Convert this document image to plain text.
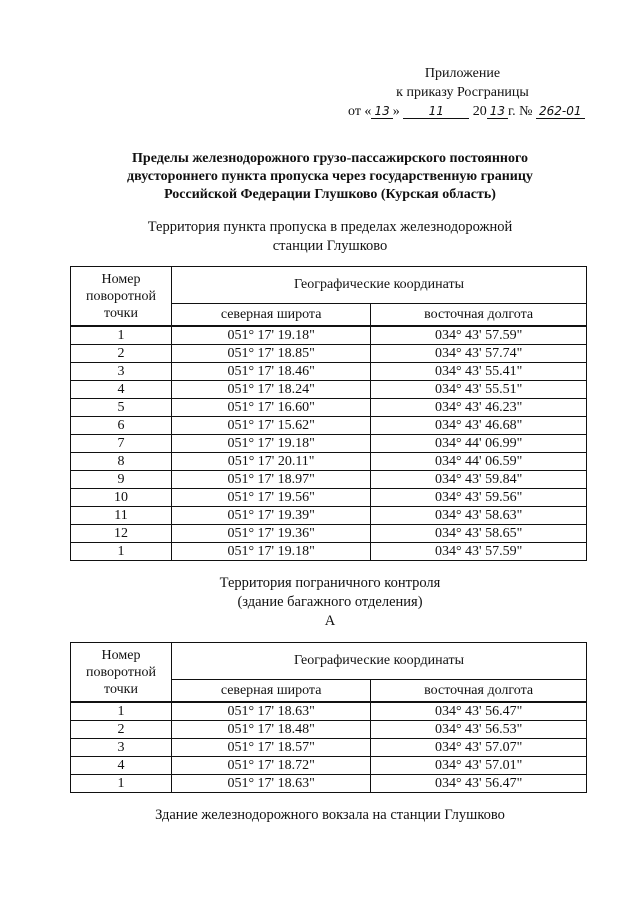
Приложение
к приказу Росграницы
от « 13 » 11 20 13 г. № 262-01
Пределы железнодорожного грузо-пассажирского постоянного
двустороннего пункта пропуска через государственную границу
Российской Федерации Глушково (Курская область)
Территория пункта пропуска в пределах железнодорожной
станции Глушково
Номер
поворотной
точки	Географические координаты	
	северная широта	восточная долгота
1	051° 17' 19.18"	034° 43' 57.59"
2	051° 17' 18.85"	034° 43' 57.74"
3	051° 17' 18.46"	034° 43' 55.41"
4	051° 17' 18.24"	034° 43' 55.51"
5	051° 17' 16.60"	034° 43' 46.23"
6	051° 17' 15.62"	034° 43' 46.68"
7	051° 17' 19.18"	034° 44' 06.99"
8	051° 17' 20.11"	034° 44' 06.59"
9	051° 17' 18.97"	034° 43' 59.84"
10	051° 17' 19.56"	034° 43' 59.56"
11	051° 17' 19.39"	034° 43' 58.63"
12	051° 17' 19.36"	034° 43' 58.65"
1	051° 17' 19.18"	034° 43' 57.59"
Территория пограничного контроля
(здание багажного отделения)
А
Номер
поворотной
точки	Географические координаты	
	северная широта	восточная долгота
1	051° 17' 18.63"	034° 43' 56.47"
2	051° 17' 18.48"	034° 43' 56.53"
3	051° 17' 18.57"	034° 43' 57.07"
4	051° 17' 18.72"	034° 43' 57.01"
1	051° 17' 18.63"	034° 43' 56.47"
Здание железнодорожного вокзала на станции Глушково
